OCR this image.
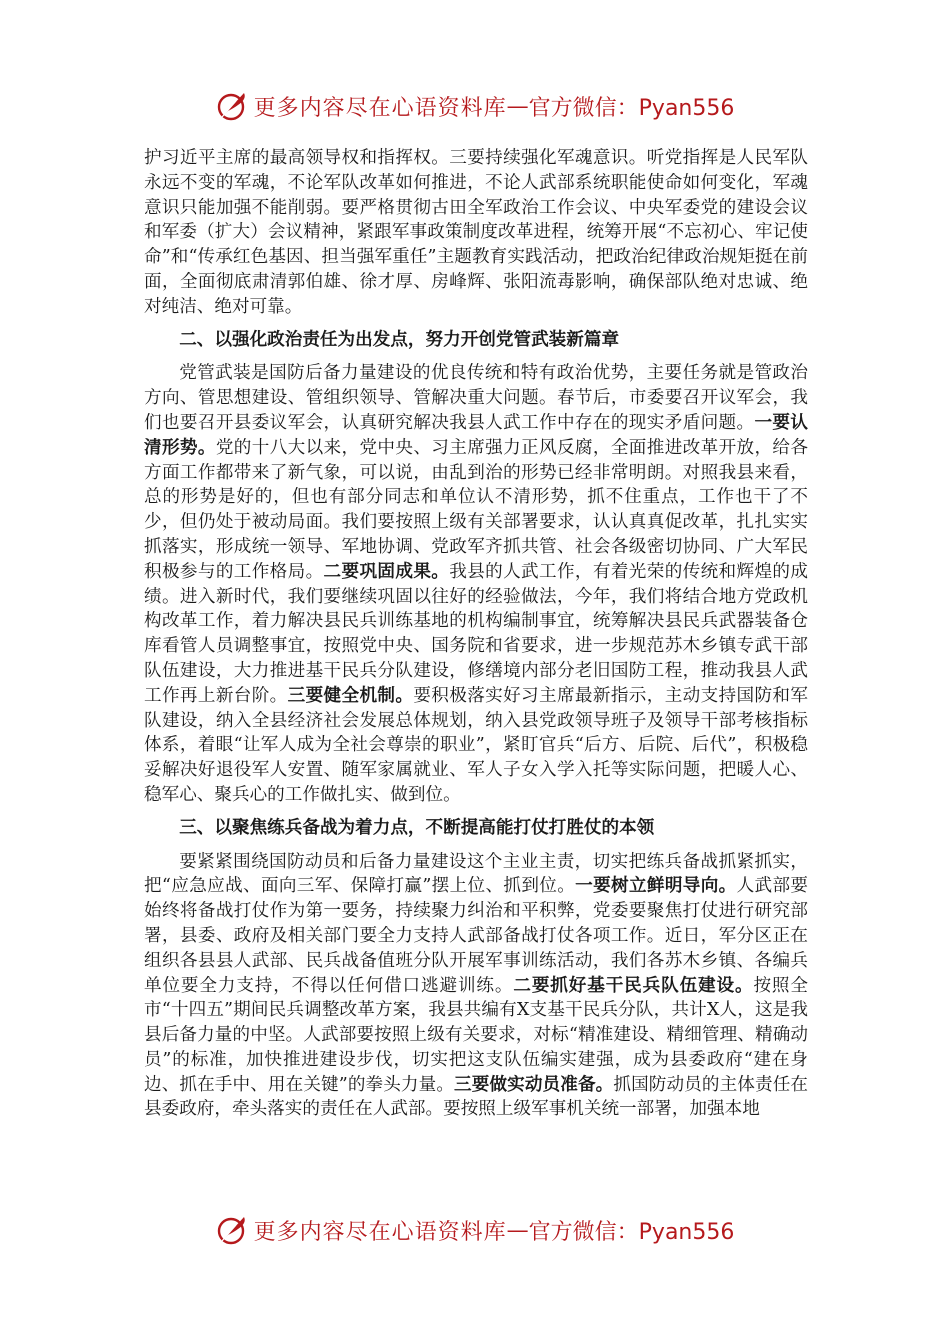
更多内容尽在心语资料库 — 官方微信：Pyan556

护习近平主席的最高领导权和指挥权。三要持续强化军魂意识。听党指挥是人民军队永远不变的军魂，不论军队改革如何推进，不论人武部系统职能使命如何变化，军魂意识只能加强不能削弱。要严格贯彻古田全军政治工作会议、中央军委党的建设会议和军委（扩大）会议精神，紧跟军事政策制度改革进程，统筹开展“不忘初心、牢记使命”和“传承红色基因、担当强军重任”主题教育实践活动，把政治纪律政治规矩挺在前面，全面彻底肃清郭伯雄、徐才厚、房峰辉、张阳流毒影响，确保部队绝对忠诚、绝对纯洁、绝对可靠。

二、以强化政治责任为出发点，努力开创党管武装新篇章

党管武装是国防后备力量建设的优良传统和特有政治优势，主要任务就是管政治方向、管思想建设、管组织领导、管解决重大问题。春节后，市委要召开议军会，我们也要召开县委议军会，认真研究解决我县人武工作中存在的现实矛盾问题。一要认清形势。党的十八大以来，党中央、习主席强力正风反腐，全面推进改革开放，给各方面工作都带来了新气象，可以说，由乱到治的形势已经非常明朗。对照我县来看，总的形势是好的，但也有部分同志和单位认不清形势，抓不住重点，工作也干了不少，但仍处于被动局面。我们要按照上级有关部署要求，认认真真促改革，扎扎实实抓落实，形成统一领导、军地协调、党政军齐抓共管、社会各级密切协同、广大军民积极参与的工作格局。二要巩固成果。我县的人武工作，有着光荣的传统和辉煌的成绩。进入新时代，我们要继续巩固以往好的经验做法，今年，我们将结合地方党政机构改革工作，着力解决县民兵训练基地的机构编制事宜，统筹解决县民兵武器装备仓库看管人员调整事宜，按照党中央、国务院和省要求，进一步规范苏木乡镇专武干部队伍建设，大力推进基干民兵分队建设，修缮境内部分老旧国防工程，推动我县人武工作再上新台阶。三要健全机制。要积极落实好习主席最新指示，主动支持国防和军队建设，纳入全县经济社会发展总体规划，纳入县党政领导班子及领导干部考核指标体系，着眼“让军人成为全社会尊崇的职业”，紧盯官兵“后方、后院、后代”，积极稳妥解决好退役军人安置、随军家属就业、军人子女入学入托等实际问题，把暖人心、稳军心、聚兵心的工作做扎实、做到位。

三、以聚焦练兵备战为着力点，不断提高能打仗打胜仗的本领

要紧紧围绕国防动员和后备力量建设这个主业主责，切实把练兵备战抓紧抓实，把“应急应战、面向三军、保障打赢”摆上位、抓到位。一要树立鲜明导向。人武部要始终将备战打仗作为第一要务，持续聚力纠治和平积弊，党委要聚焦打仗进行研究部署，县委、政府及相关部门要全力支持人武部备战打仗各项工作。近日，军分区正在组织各县县人武部、民兵战备值班分队开展军事训练活动，我们各苏木乡镇、各编兵单位要全力支持，不得以任何借口逃避训练。二要抓好基干民兵队伍建设。按照全市“十四五”期间民兵调整改革方案，我县共编有X支基干民兵分队，共计X人，这是我县后备力量的中坚。人武部要按照上级有关要求，对标“精准建设、精细管理、精确动员”的标准，加快推进建设步伐，切实把这支队伍编实建强，成为县委政府“建在身边、抓在手中、用在关键”的拳头力量。三要做实动员准备。抓国防动员的主体责任在县委政府，牵头落实的责任在人武部。要按照上级军事机关统一部署，加强本地

更多内容尽在心语资料库 — 官方微信：Pyan556
